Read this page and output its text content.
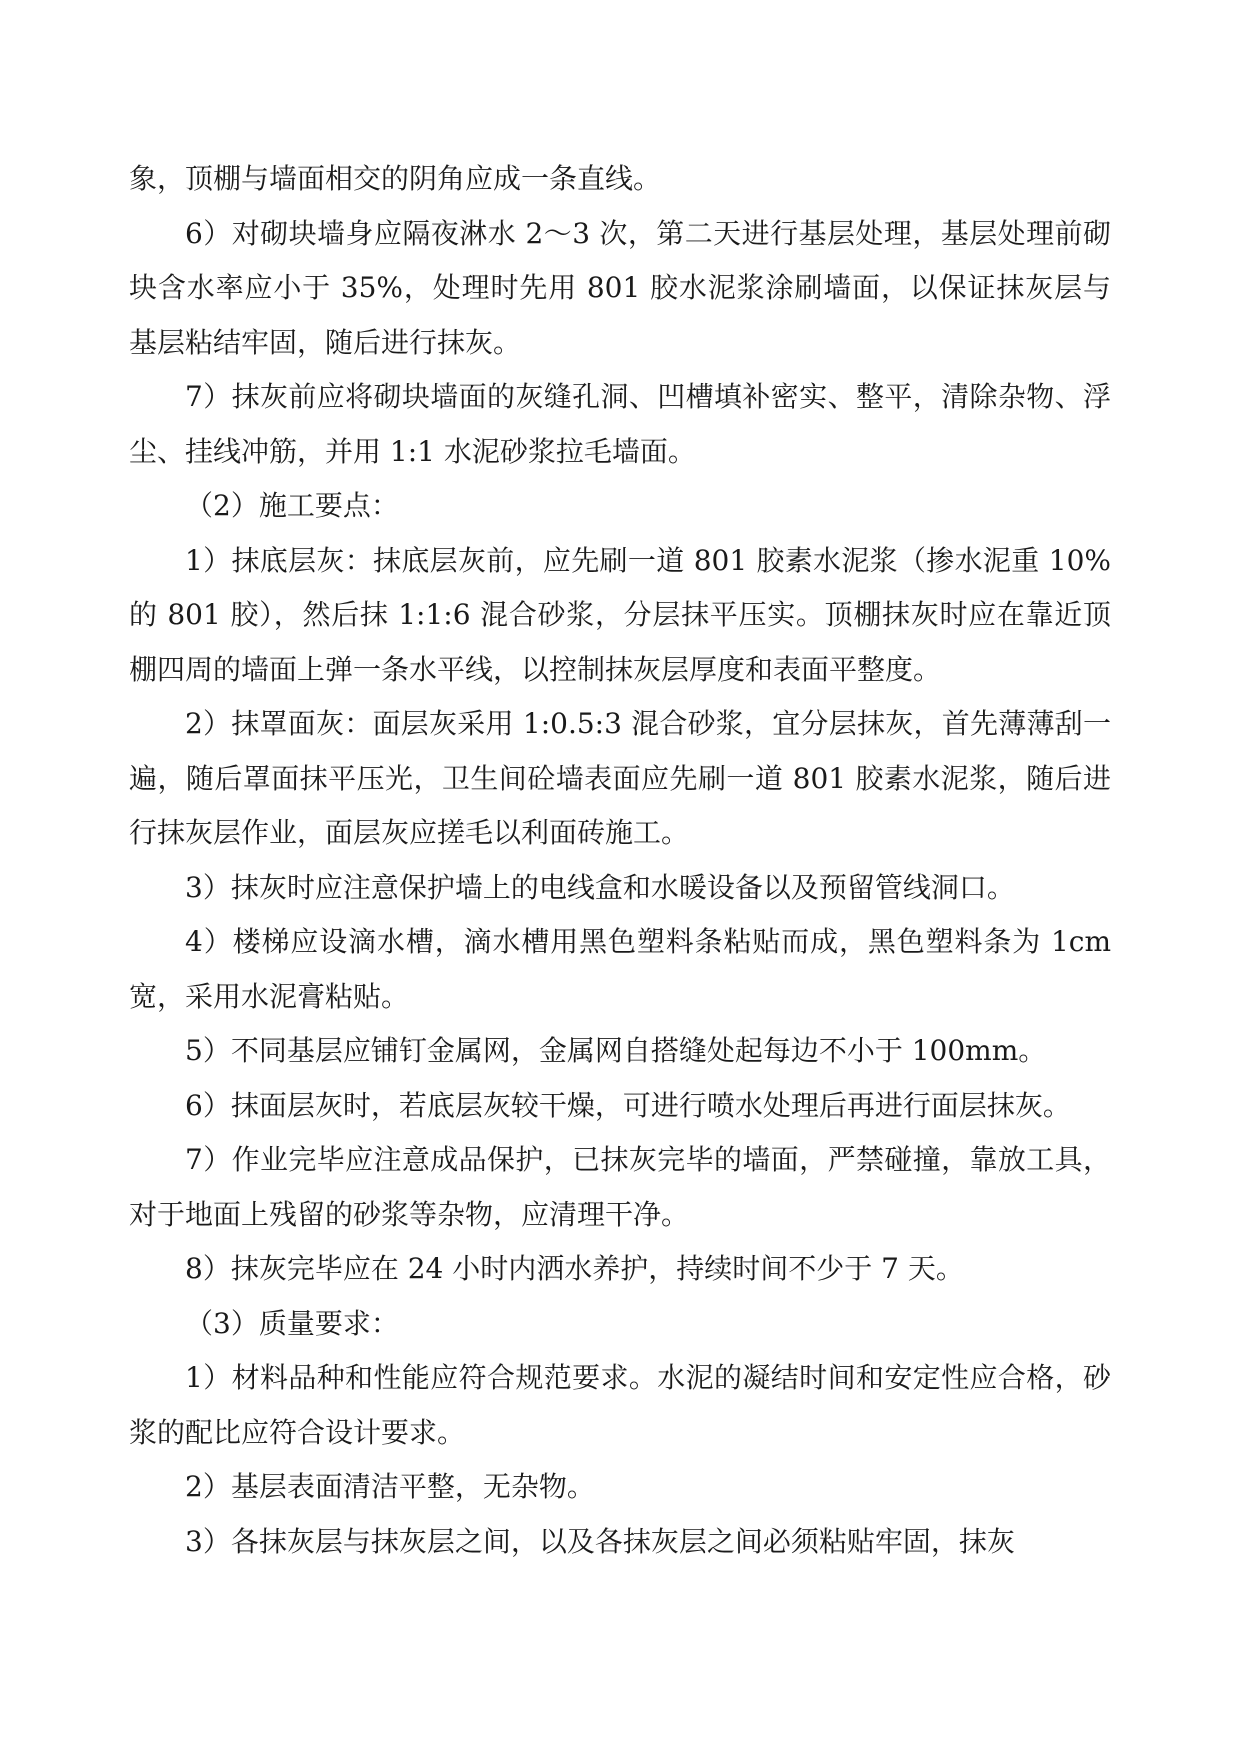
象，顶棚与墙面相交的阴角应成一条直线。

6）对砌块墙身应隔夜淋水 2～3 次，第二天进行基层处理，基层处理前砌块含水率应小于 35%，处理时先用 801 胶水泥浆涂刷墙面，以保证抹灰层与基层粘结牢固，随后进行抹灰。

7）抹灰前应将砌块墙面的灰缝孔洞、凹槽填补密实、整平，清除杂物、浮尘、挂线冲筋，并用 1:1 水泥砂浆拉毛墙面。

（2）施工要点：

1）抹底层灰：抹底层灰前，应先刷一道 801 胶素水泥浆（掺水泥重 10% 的 801 胶），然后抹 1:1:6 混合砂浆，分层抹平压实。顶棚抹灰时应在靠近顶棚四周的墙面上弹一条水平线，以控制抹灰层厚度和表面平整度。

2）抹罩面灰：面层灰采用 1:0.5:3 混合砂浆，宜分层抹灰，首先薄薄刮一遍，随后罩面抹平压光，卫生间砼墙表面应先刷一道 801 胶素水泥浆，随后进行抹灰层作业，面层灰应搓毛以利面砖施工。

3）抹灰时应注意保护墙上的电线盒和水暖设备以及预留管线洞口。

4）楼梯应设滴水槽，滴水槽用黑色塑料条粘贴而成，黑色塑料条为 1cm 宽，采用水泥膏粘贴。

5）不同基层应铺钉金属网，金属网自搭缝处起每边不小于 100mm。

6）抹面层灰时，若底层灰较干燥，可进行喷水处理后再进行面层抹灰。

7）作业完毕应注意成品保护，已抹灰完毕的墙面，严禁碰撞，靠放工具，对于地面上残留的砂浆等杂物，应清理干净。

8）抹灰完毕应在 24 小时内洒水养护，持续时间不少于 7 天。

（3）质量要求：

1）材料品种和性能应符合规范要求。水泥的凝结时间和安定性应合格，砂浆的配比应符合设计要求。

2）基层表面清洁平整，无杂物。

3）各抹灰层与抹灰层之间，以及各抹灰层之间必须粘贴牢固，抹灰
